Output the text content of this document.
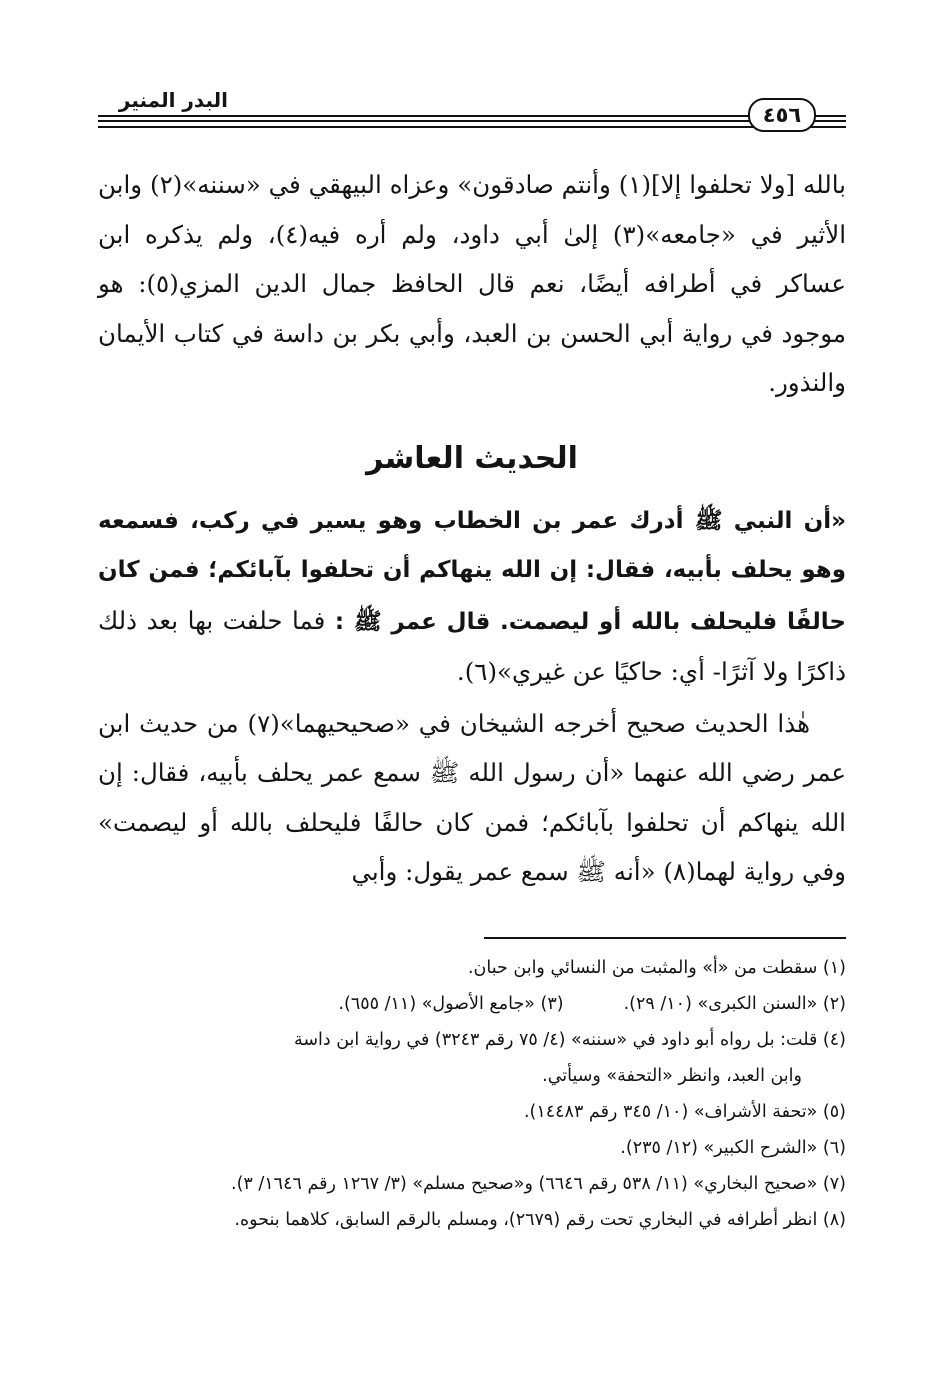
البدر المنير
٤٥٦

بالله [ولا تحلفوا إلا](١) وأنتم صادقون» وعزاه البيهقي في «سننه»(٢) وابن الأثير في «جامعه»(٣) إلىٰ أبي داود، ولم أره فيه(٤)، ولم يذكره ابن عساكر في أطرافه أيضًا، نعم قال الحافظ جمال الدين المزي(٥): هو موجود في رواية أبي الحسن بن العبد، وأبي بكر بن داسة في كتاب الأيمان والنذور.

الحديث العاشر

«أن النبي ﷺ أدرك عمر بن الخطاب وهو يسير في ركب، فسمعه وهو يحلف بأبيه، فقال: إن الله ينهاكم أن تحلفوا بآبائكم؛ فمن كان حالفًا فليحلف بالله أو ليصمت. قال عمر ﷺ : فما حلفت بها بعد ذلك ذاكرًا ولا آثرًا- أي: حاكيًا عن غيري»(٦).

هٰذا الحديث صحيح أخرجه الشيخان في «صحيحيهما»(٧) من حديث ابن عمر رضي الله عنهما «أن رسول الله ﷺ سمع عمر يحلف بأبيه، فقال: إن الله ينهاكم أن تحلفوا بآبائكم؛ فمن كان حالفًا فليحلف بالله أو ليصمت» وفي رواية لهما(٨) «أنه ﷺ سمع عمر يقول: وأبي

(١) سقطت من «أ» والمثبت من النسائي وابن حبان.
(٢) «السنن الكبرى» (١٠/ ٢٩).(٣) «جامع الأصول» (١١/ ٦٥٥).
(٤) قلت: بل رواه أبو داود في «سننه» (٤/ ٧٥ رقم ٣٢٤٣) في رواية ابن داسة
وابن العبد، وانظر «التحفة» وسيأتي.
(٥) «تحفة الأشراف» (١٠/ ٣٤٥ رقم ١٤٤٨٣).
(٦) «الشرح الكبير» (١٢/ ٢٣٥).
(٧) «صحيح البخاري» (١١/ ٥٣٨ رقم ٦٦٤٦) و«صحيح مسلم» (٣/ ١٢٦٧ رقم ١٦٤٦/ ٣).
(٨) انظر أطرافه في البخاري تحت رقم (٢٦٧٩)، ومسلم بالرقم السابق، كلاهما بنحوه.
